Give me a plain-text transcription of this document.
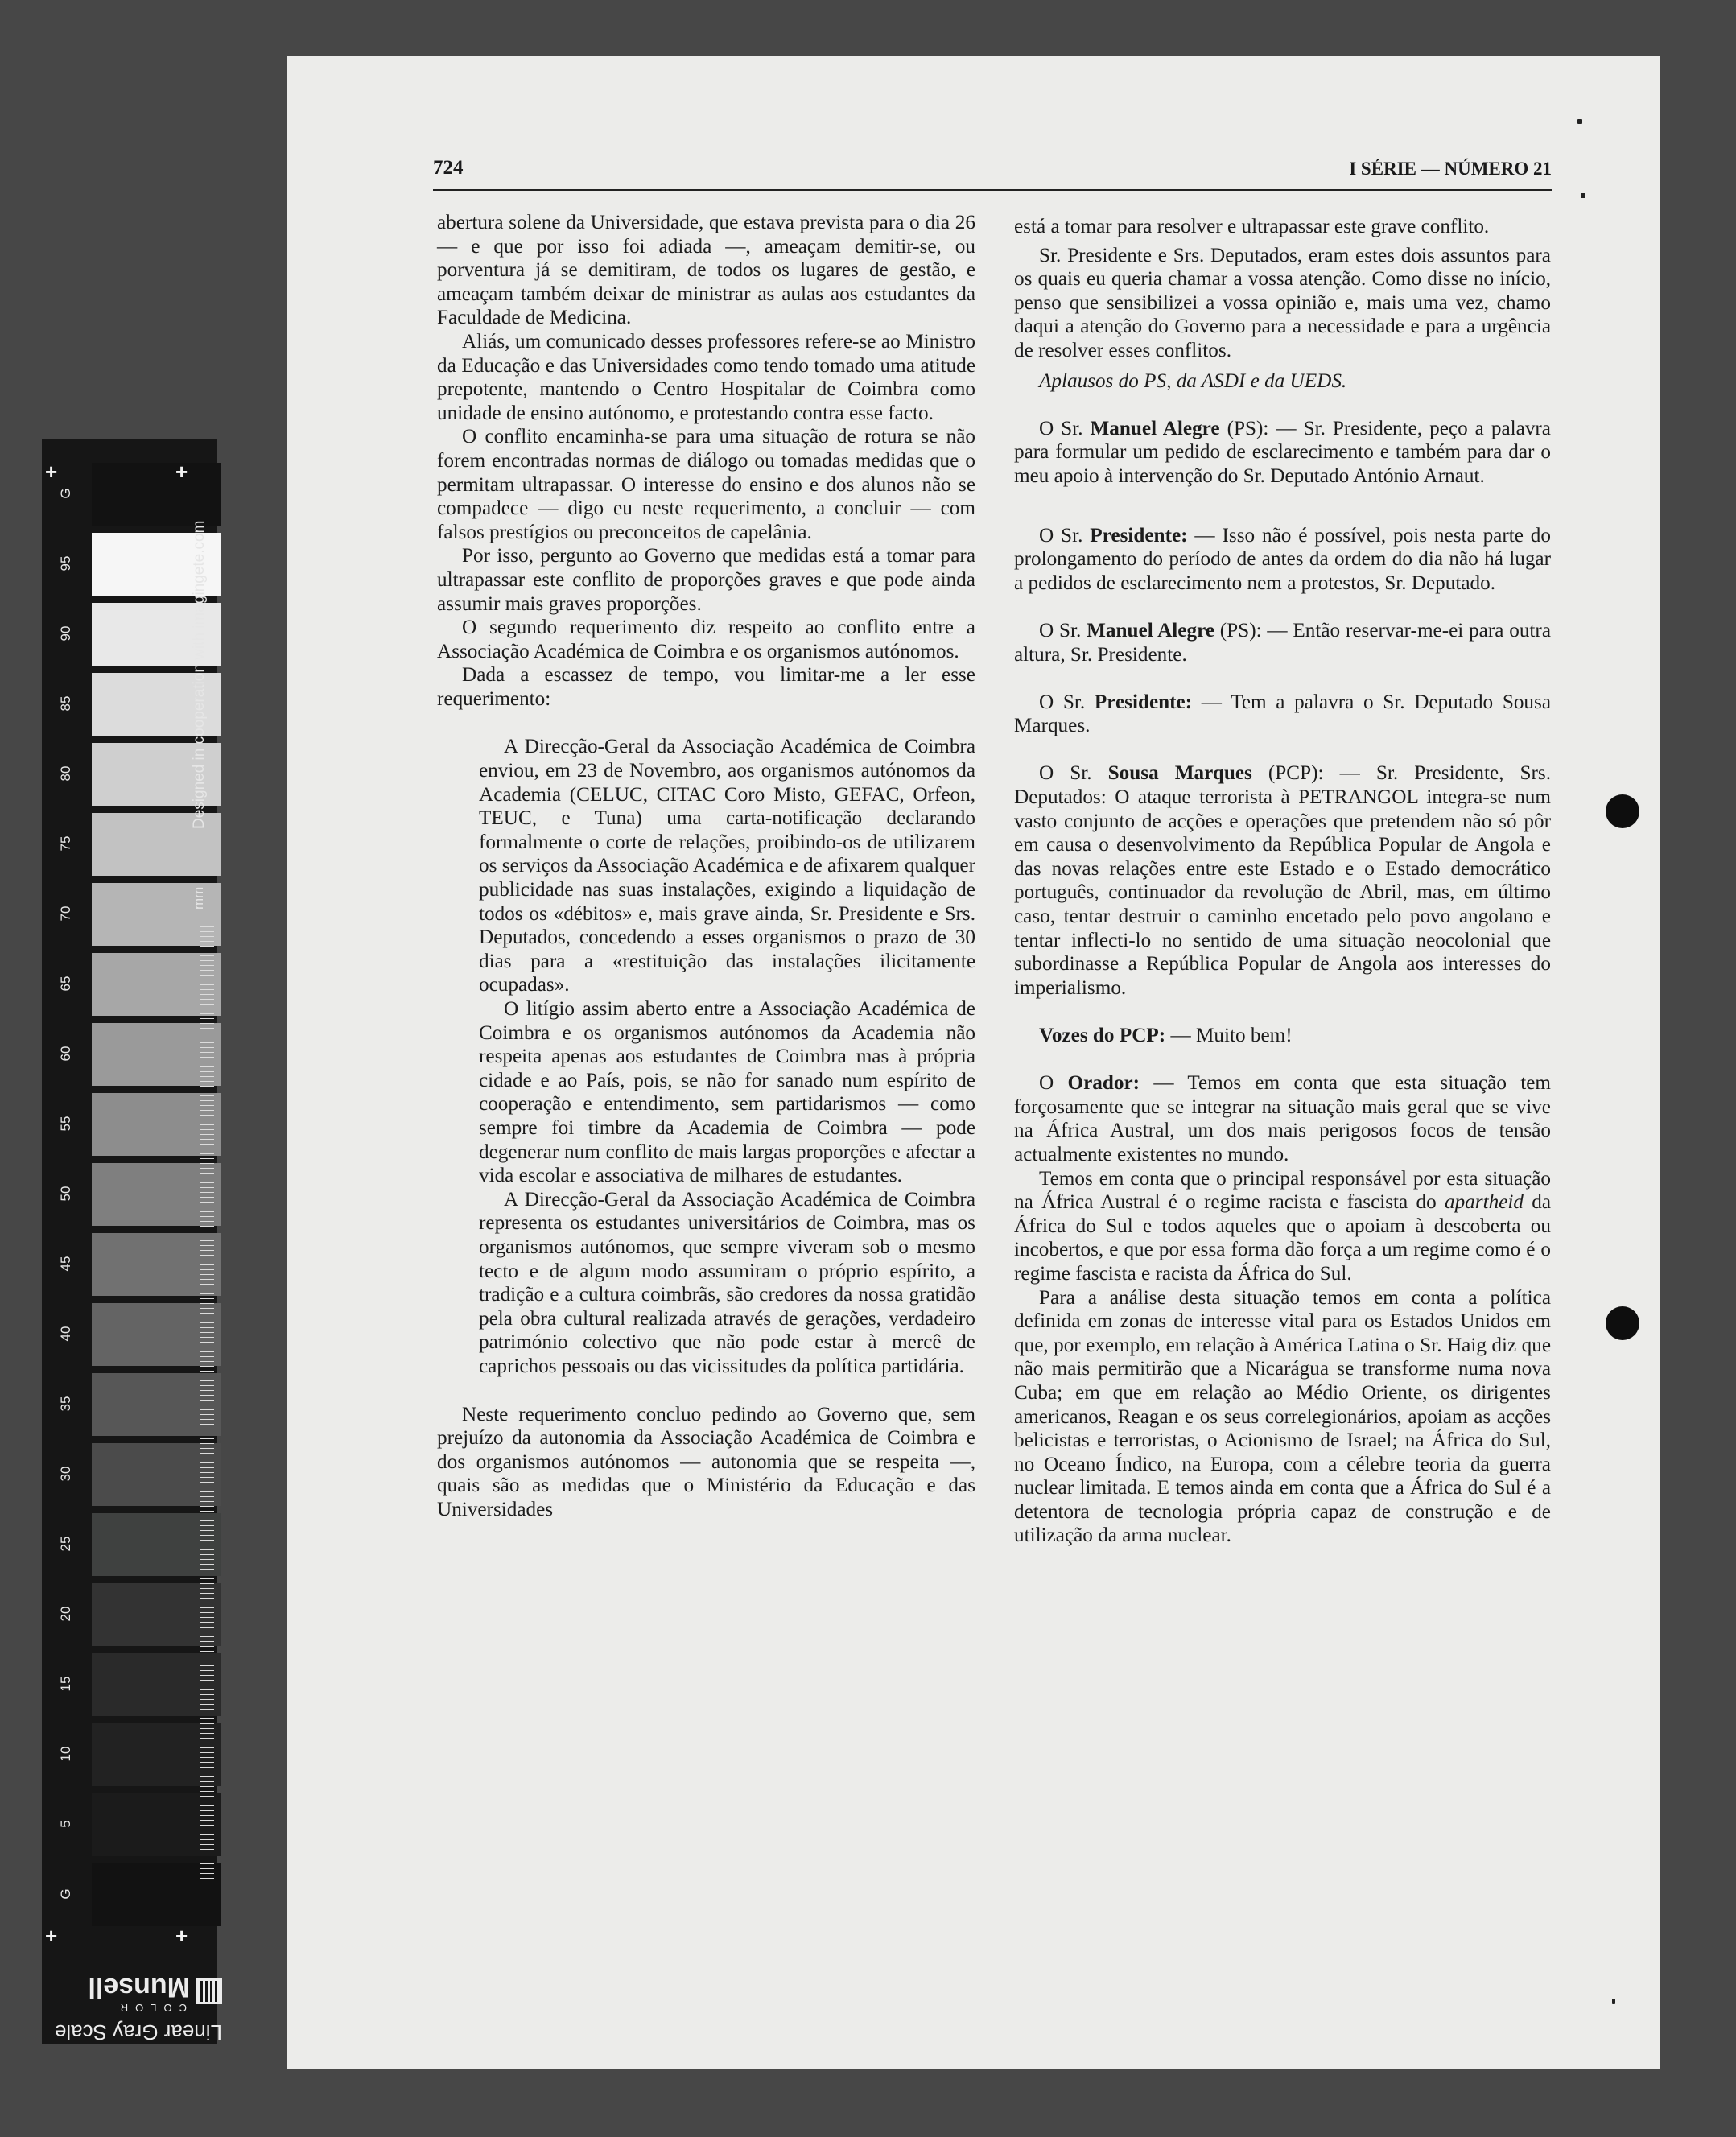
G
95
90
85
80
75
70
65
60
55
50
45
40
35
30
25
20
15
10
5
G
+	+
+	+
Designed in cooperation with imagingete.com
mm
Linear Gray Scale
COLOR
Munsell
724	I SÉRIE — NÚMERO 21

abertura solene da Universidade, que estava prevista para o dia 26 — e que por isso foi adiada —, ameaçam demitir-se, ou porventura já se demitiram, de todos os lugares de gestão, e ameaçam também deixar de ministrar as aulas aos estudantes da Faculdade de Medicina.

Aliás, um comunicado desses professores refere-se ao Ministro da Educação e das Universidades como tendo tomado uma atitude prepotente, mantendo o Centro Hospitalar de Coimbra como unidade de ensino autónomo, e protestando contra esse facto.

O conflito encaminha-se para uma situação de rotura se não forem encontradas normas de diálogo ou tomadas medidas que o permitam ultrapassar. O interesse do ensino e dos alunos não se compadece — digo eu neste requerimento, a concluir — com falsos prestígios ou preconceitos de capelânia.

Por isso, pergunto ao Governo que medidas está a tomar para ultrapassar este conflito de proporções graves e que pode ainda assumir mais graves proporções.

O segundo requerimento diz respeito ao conflito entre a Associação Académica de Coimbra e os organismos autónomos.

Dada a escassez de tempo, vou limitar-me a ler esse requerimento:

A Direcção-Geral da Associação Académica de Coimbra enviou, em 23 de Novembro, aos organismos autónomos da Academia (CELUC, CITAC Coro Misto, GEFAC, Orfeon, TEUC, e Tuna) uma carta-notificação declarando formalmente o corte de relações, proibindo-os de utilizarem os serviços da Associação Académica e de afixarem qualquer publicidade nas suas instalações, exigindo a liquidação de todos os «débitos» e, mais grave ainda, Sr. Presidente e Srs. Deputados, concedendo a esses organismos o prazo de 30 dias para a «restituição das instalações ilicitamente ocupadas».

O litígio assim aberto entre a Associação Académica de Coimbra e os organismos autónomos da Academia não respeita apenas aos estudantes de Coimbra mas à própria cidade e ao País, pois, se não for sanado num espírito de cooperação e entendimento, sem partidarismos — como sempre foi timbre da Academia de Coimbra — pode degenerar num conflito de mais largas proporções e afectar a vida escolar e associativa de milhares de estudantes.

A Direcção-Geral da Associação Académica de Coimbra representa os estudantes universitários de Coimbra, mas os organismos autónomos, que sempre viveram sob o mesmo tecto e de algum modo assumiram o próprio espírito, a tradição e a cultura coimbrãs, são credores da nossa gratidão pela obra cultural realizada através de gerações, verdadeiro património colectivo que não pode estar à mercê de caprichos pessoais ou das vicissitudes da política partidária.

Neste requerimento concluo pedindo ao Governo que, sem prejuízo da autonomia da Associação Académica de Coimbra e dos organismos autónomos — autonomia que se respeita —, quais são as medidas que o Ministério da Educação e das Universidades

está a tomar para resolver e ultrapassar este grave conflito.

Sr. Presidente e Srs. Deputados, eram estes dois assuntos para os quais eu queria chamar a vossa atenção. Como disse no início, penso que sensibilizei a vossa opinião e, mais uma vez, chamo daqui a atenção do Governo para a necessidade e para a urgência de resolver esses conflitos.

Aplausos do PS, da ASDI e da UEDS.

O Sr. Manuel Alegre (PS): — Sr. Presidente, peço a palavra para formular um pedido de esclarecimento e também para dar o meu apoio à intervenção do Sr. Deputado António Arnaut.

O Sr. Presidente: — Isso não é possível, pois nesta parte do prolongamento do período de antes da ordem do dia não há lugar a pedidos de esclarecimento nem a protestos, Sr. Deputado.

O Sr. Manuel Alegre (PS): — Então reservar-me-ei para outra altura, Sr. Presidente.

O Sr. Presidente: — Tem a palavra o Sr. Deputado Sousa Marques.

O Sr. Sousa Marques (PCP): — Sr. Presidente, Srs. Deputados: O ataque terrorista à PETRANGOL integra-se num vasto conjunto de acções e operações que pretendem não só pôr em causa o desenvolvimento da República Popular de Angola e das novas relações entre este Estado e o Estado democrático português, continuador da revolução de Abril, mas, em último caso, tentar destruir o caminho encetado pelo povo angolano e tentar inflecti-lo no sentido de uma situação neocolonial que subordinasse a República Popular de Angola aos interesses do imperialismo.

Vozes do PCP: — Muito bem!

O Orador: — Temos em conta que esta situação tem forçosamente que se integrar na situação mais geral que se vive na África Austral, um dos mais perigosos focos de tensão actualmente existentes no mundo.

Temos em conta que o principal responsável por esta situação na África Austral é o regime racista e fascista do apartheid da África do Sul e todos aqueles que o apoiam à descoberta ou incobertos, e que por essa forma dão força a um regime como é o regime fascista e racista da África do Sul.

Para a análise desta situação temos em conta a política definida em zonas de interesse vital para os Estados Unidos em que, por exemplo, em relação à América Latina o Sr. Haig diz que não mais permitirão que a Nicarágua se transforme numa nova Cuba; em que em relação ao Médio Oriente, os dirigentes americanos, Reagan e os seus correlegionários, apoiam as acções belicistas e terroristas, o Acionismo de Israel; na África do Sul, no Oceano Índico, na Europa, com a célebre teoria da guerra nuclear limitada. E temos ainda em conta que a África do Sul é a detentora de tecnologia própria capaz de construção e de utilização da arma nuclear.
